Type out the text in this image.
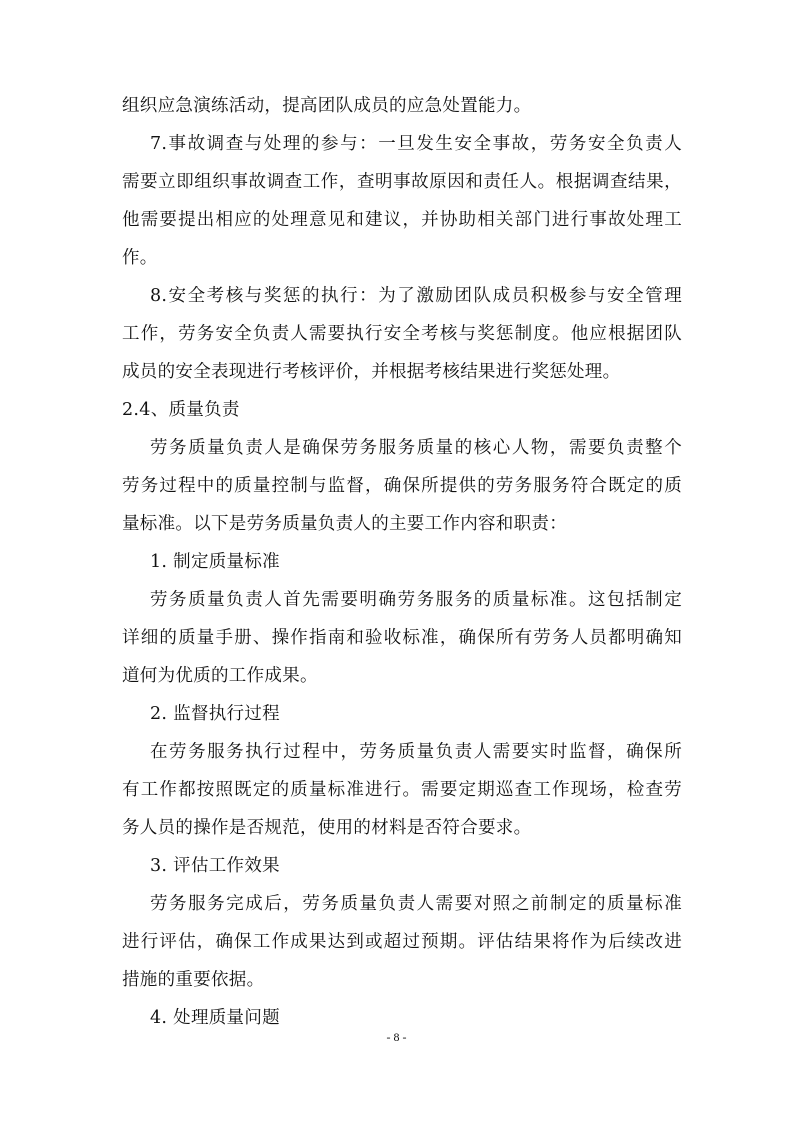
组织应急演练活动，提高团队成员的应急处置能力。
7.事故调查与处理的参与：一旦发生安全事故，劳务安全负责人
需要立即组织事故调查工作，查明事故原因和责任人。根据调查结果，
他需要提出相应的处理意见和建议，并协助相关部门进行事故处理工
作。
8.安全考核与奖惩的执行：为了激励团队成员积极参与安全管理
工作，劳务安全负责人需要执行安全考核与奖惩制度。他应根据团队
成员的安全表现进行考核评价，并根据考核结果进行奖惩处理。
2.4、质量负责
劳务质量负责人是确保劳务服务质量的核心人物，需要负责整个
劳务过程中的质量控制与监督，确保所提供的劳务服务符合既定的质
量标准。以下是劳务质量负责人的主要工作内容和职责：
1. 制定质量标准
劳务质量负责人首先需要明确劳务服务的质量标准。这包括制定
详细的质量手册、操作指南和验收标准，确保所有劳务人员都明确知
道何为优质的工作成果。
2. 监督执行过程
在劳务服务执行过程中，劳务质量负责人需要实时监督，确保所
有工作都按照既定的质量标准进行。需要定期巡查工作现场，检查劳
务人员的操作是否规范，使用的材料是否符合要求。
3. 评估工作效果
劳务服务完成后，劳务质量负责人需要对照之前制定的质量标准
进行评估，确保工作成果达到或超过预期。评估结果将作为后续改进
措施的重要依据。
4. 处理质量问题
- 8 -
